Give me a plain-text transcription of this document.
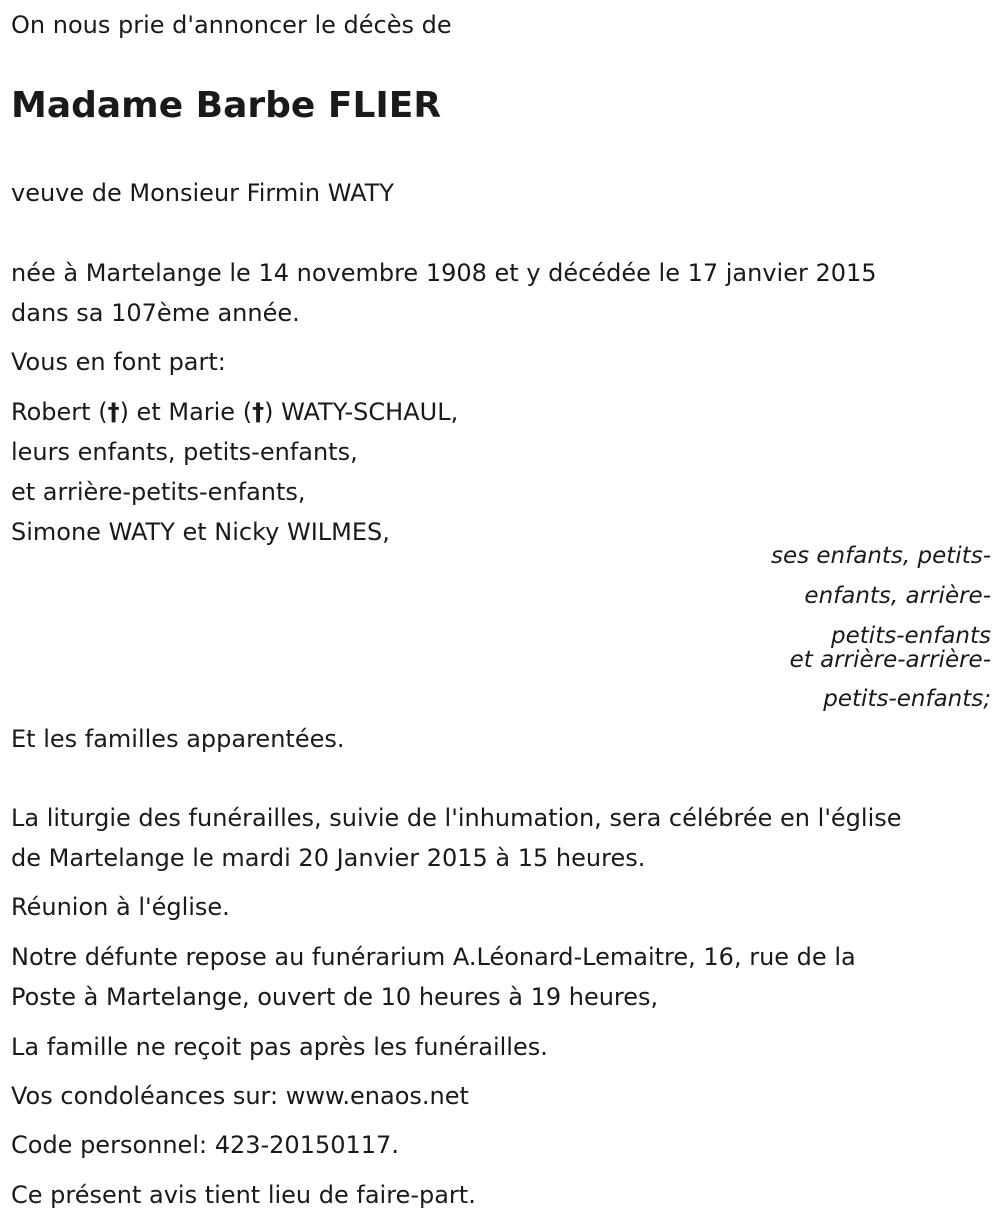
On nous prie d'annoncer le décès de

Madame Barbe FLIER

veuve de Monsieur Firmin WATY

née à Martelange le 14 novembre 1908 et y décédée le 17 janvier 2015

dans sa 107ème année.

Vous en font part:

Robert (†) et Marie (†) WATY-SCHAUL,

leurs enfants, petits-enfants,

et arrière-petits-enfants,

Simone WATY et Nicky WILMES,

ses enfants, petits-

enfants, arrière-

petits-enfants

et arrière-arrière-

petits-enfants;

Et les familles apparentées.

La liturgie des funérailles, suivie de l'inhumation, sera célébrée en l'église

de Martelange le mardi 20 Janvier 2015 à 15 heures.

Réunion à l'église.

Notre défunte repose au funérarium A.Léonard-Lemaitre, 16, rue de la

Poste à Martelange, ouvert de 10 heures à 19 heures,

La famille ne reçoit pas après les funérailles.

Vos condoléances sur: www.enaos.net

Code personnel: 423-20150117.

Ce présent avis tient lieu de faire-part.
